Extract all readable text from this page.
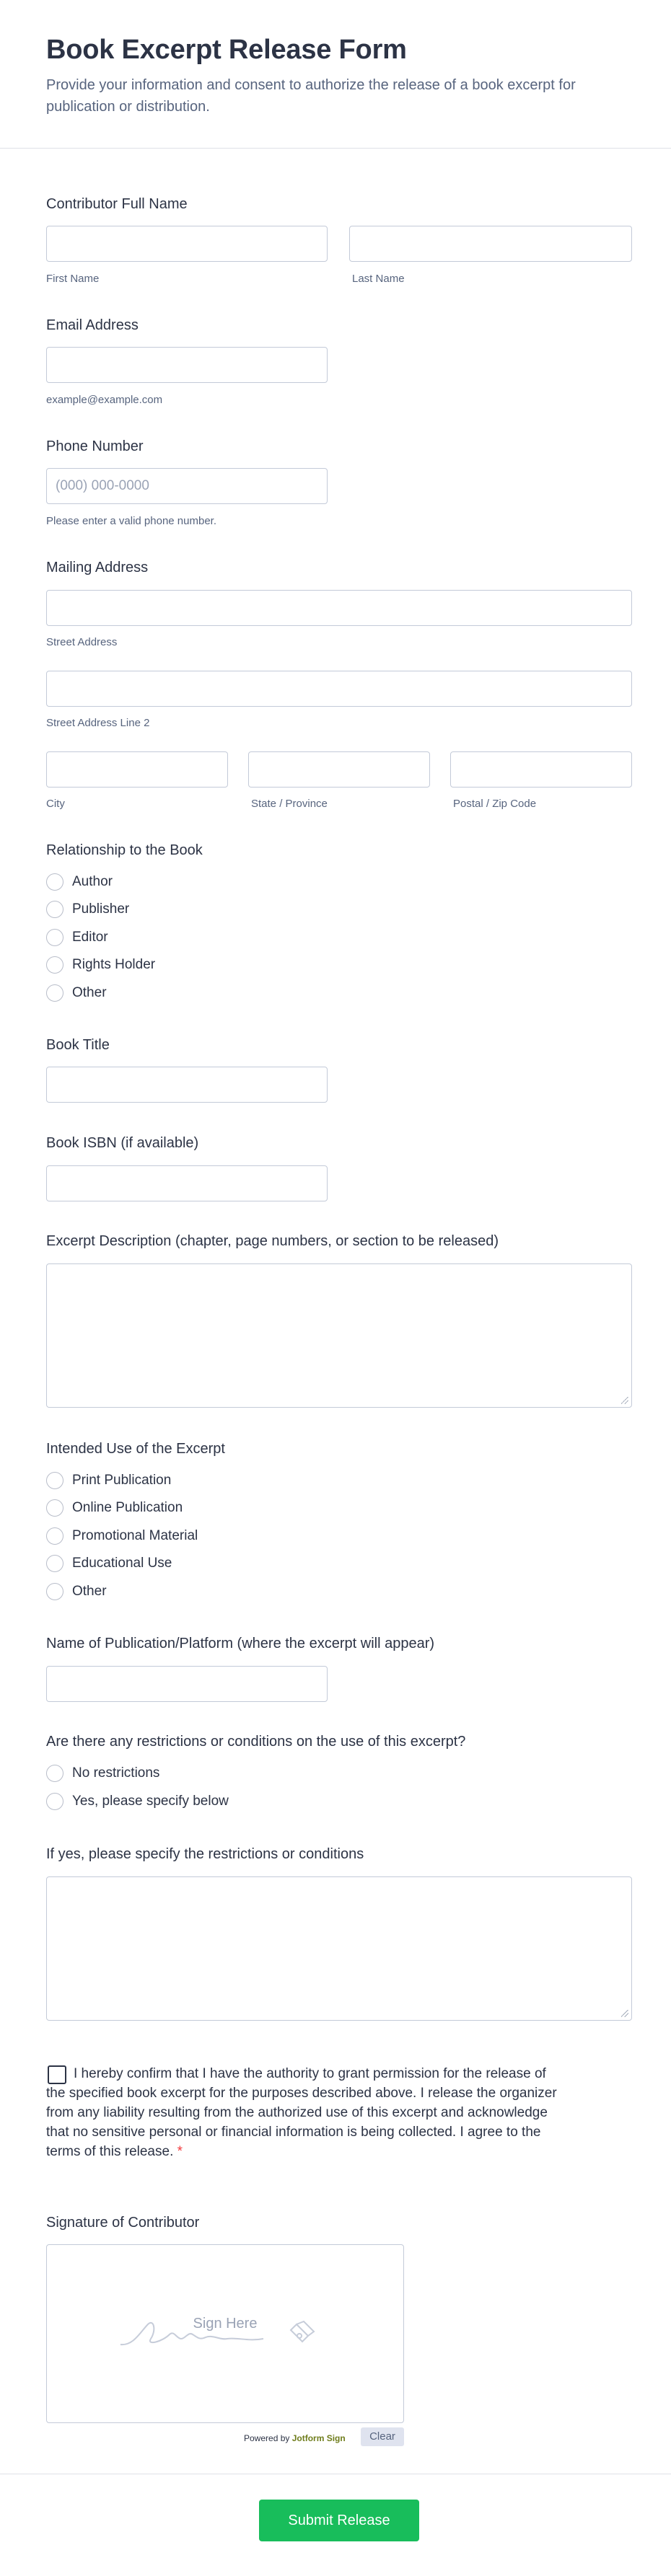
Book Excerpt Release Form

Provide your information and consent to authorize the release of a book excerpt for publication or distribution.

Contributor Full Name
First Name	Last Name
Email Address
example@example.com
Phone Number
(000) 000-0000
Please enter a valid phone number.
Mailing Address
Street Address
Street Address Line 2
City	State / Province	Postal / Zip Code
Relationship to the Book
Author
Publisher
Editor
Rights Holder
Other
Book Title
Book ISBN (if available)
Excerpt Description (chapter, page numbers, or section to be released)
Intended Use of the Excerpt
Print Publication
Online Publication
Promotional Material
Educational Use
Other
Name of Publication/Platform (where the excerpt will appear)
Are there any restrictions or conditions on the use of this excerpt?
No restrictions
Yes, please specify below
If yes, please specify the restrictions or conditions
I hereby confirm that I have the authority to grant permission for the release of the specified book excerpt for the purposes described above. I release the organizer from any liability resulting from the authorized use of this excerpt and acknowledge that no sensitive personal or financial information is being collected. I agree to the terms of this release. *
Signature of Contributor
Sign Here
Powered by Jotform Sign	Clear
Submit Release
